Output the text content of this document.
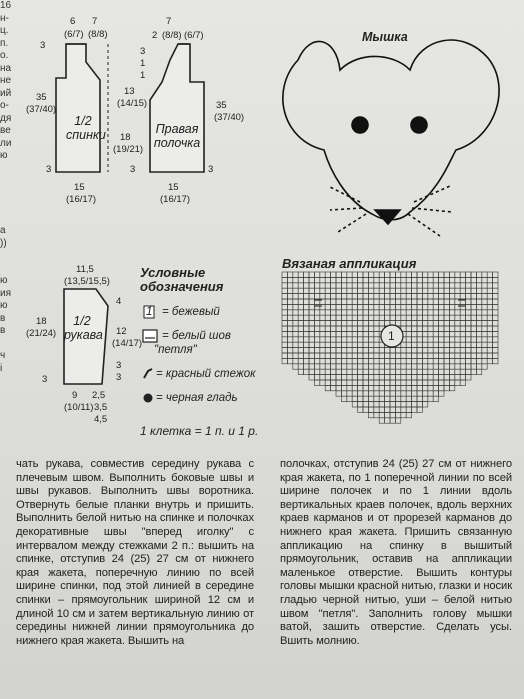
16
н-
ц.
п.
о.
на
не
ий
о-
дя
ве
ли
ю

а
))

ю
ия
ю
в
в

ч
i
6 7
(6/7) (8/8)
3
35
(37/40)
1/2 спинки 18
(19/21)
3
15
(16/17)
7
2 (8/8) (6/7)
3
1
1
13
(14/15)	35
(37/40)
Правая полочка
3	3
15
(16/17)
11,5
(13,5/15,5)
4
18
(21/24)
1/2 рукава 12
(14/17)
3
3
3
9
(10/11)
2,5
3,5
4,5
Условные
обозначения
1 = бежевый
= белый шов
"петля"
= красный стежок
= черная гладь
1 клетка = 1 п. и 1 р.
Мышка
Вязаная аппликация
1

чать рукава, совместив середину рукава с плечевым швом. Выполнить боковые швы и швы рукавов. Выполнить швы воротника. Отвернуть белые планки внутрь и пришить. Выполнить белой нитью на спинке и полочках декоративные швы "вперед иголку" с интервалом между стежками 2 п.: вышить на спинке, отступив 24 (25) 27 см от нижнего края жакета, поперечную линию по всей ширине спинки, под этой линией в середине спинки – прямоугольник шириной 12 см и длиной 10 см и затем вертикальную линию от середины нижней линии прямоугольника до нижнего края жакета. Вышить на

полочках, отступив 24 (25) 27 см от нижнего края жакета, по 1 поперечной линии по всей ширине полочек и по 1 линии вдоль вертикальных краев полочек, вдоль верхних краев карманов и от прорезей карманов до нижнего края жакета. Пришить связанную аппликацию на спинку в вышитый прямоугольник, оставив на аппликации маленькое отверстие. Вышить контуры головы мышки красной нитью, глазки и носик гладью черной нитью, уши – белой нитью швом "петля". Заполнить голову мышки ватой, зашить отверстие. Сделать усы. Вшить молнию.
